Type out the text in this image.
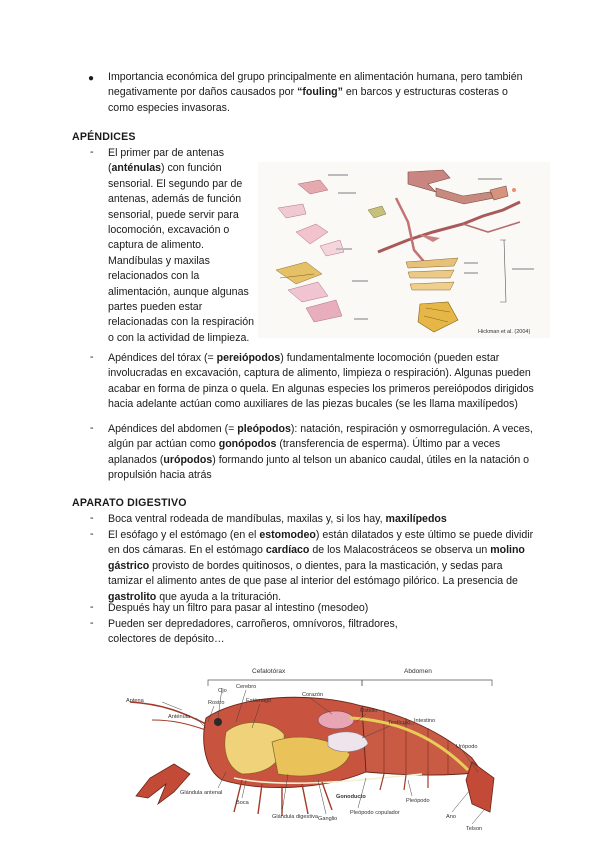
● Importancia económica del grupo principalmente en alimentación humana, pero también negativamente por daños causados por “fouling” en barcos y estructuras costeras o como especies invasoras.

APÉNDICES
- El primer par de antenas (anténulas) con función sensorial. El segundo par de antenas, además de función sensorial, puede servir para locomoción, excavación o captura de alimento. Mandíbulas y maxilas relacionados con la alimentación, aunque algunas partes pueden estar relacionadas con la respiración o con la actividad de limpieza.	Hickman et al. (2004)
- Apéndices del tórax (= pereiópodos) fundamentalmente locomoción (pueden estar involucradas en excavación, captura de alimento, limpieza o respiración). Algunas pueden acabar en forma de pinza o quela. En algunas especies los primeros pereiópodos dirigidos hacia adelante actúan como auxiliares de las piezas bucales (se les llama maxilípedos)

- Apéndices del abdomen (= pleópodos): natación, respiración y osmorregulación. A veces, algún par actúan como gonópodos (transferencia de esperma). Último par a veces aplanados (urópodos) formando junto al telson un abanico caudal, útiles en la natación o propulsión hacia atrás

APARATO DIGESTIVO
- Boca ventral rodeada de mandíbulas, maxilas y, si los hay, maxilípedos

- El esófago y el estómago (en el estomodeo) están dilatados y este último se puede dividir en dos cámaras. En el estómago cardíaco de los Malacostráceos se observa un molino gástrico provisto de bordes quitinosos, o dientes, para la masticación, y sedas para tamizar el alimento antes de que pase al interior del estómago pilórico. La presencia de gastrolito que ayuda a la trituración.

- Después hay un filtro para pasar al intestino (mesodeo)

- Pueden ser depredadores, carroñeros, omnívoros, filtradores, colectores de depósito…

Cefalotórax	Abdomen
Ojo
Cerebro
Estómago
Corazón
Ostiolo
Testículo Intestino
Urópodo
Antena	Rostro
Anténula
Glándula antenal
Boca
Gonoducto
Glándula digestiva Ganglio
Pleópodo copulador
Pleópodo
Ano
Telson
